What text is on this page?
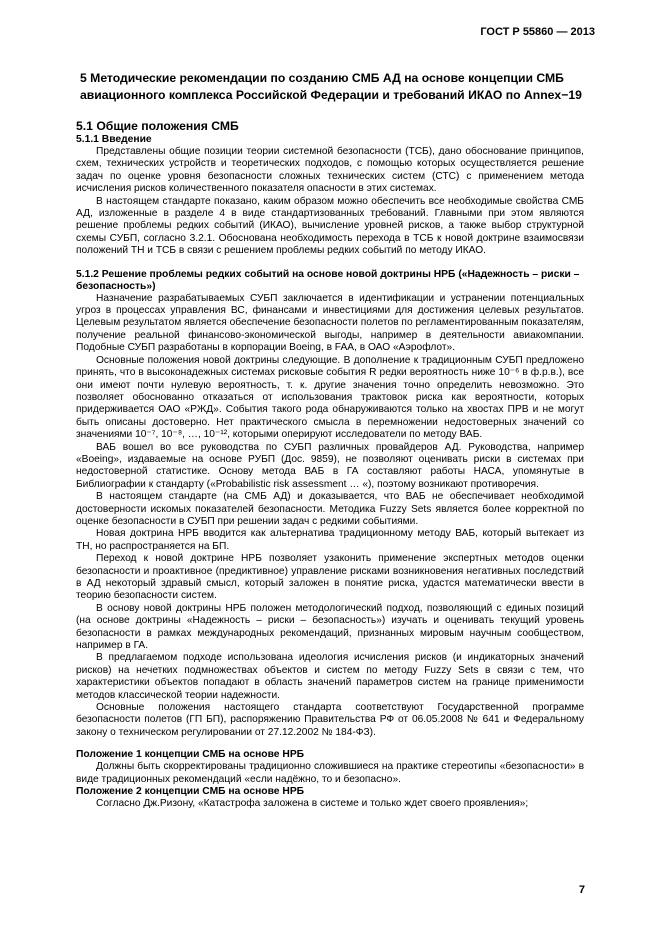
ГОСТ Р 55860 — 2013
5 Методические рекомендации по созданию СМБ АД на основе концепции СМБ авиационного комплекса Российской Федерации и требований ИКАО по Annex−19
5.1 Общие положения СМБ
5.1.1 Введение

Представлены общие позиции теории системной безопасности (ТСБ), дано обоснование принципов, схем, технических устройств и теоретических подходов, с помощью которых осуществляется решение задач по оценке уровня безопасности сложных технических систем (СТС) с применением метода исчисления рисков количественного показателя опасности в этих системах.

В настоящем стандарте показано, каким образом можно обеспечить все необходимые свойства СМБ АД, изложенные в разделе 4 в виде стандартизованных требований. Главными при этом являются решение проблемы редких событий (ИКАО), вычисление уровней рисков, а также выбор структурной схемы СУБП, согласно 3.2.1. Обоснована необходимость перехода в ТСБ к новой доктрине взаимосвязи положений ТН и ТСБ в связи с решением проблемы редких событий по методу ИКАО.

5.1.2 Решение проблемы редких событий на основе новой доктрины НРБ («Надежность – риски – безопасность»)

Назначение разрабатываемых СУБП заключается в идентификации и устранении потенциальных угроз в процессах управления ВС, финансами и инвестициями для достижения целевых результатов. Целевым результатом является обеспечение безопасности полетов по регламентированным показателям, получение реальной финансово-экономической выгоды, например в деятельности авиакомпании. Подобные СУБП разработаны в корпорации Boeing, в FAA, в ОАО «Аэрофлот».

Основные положения новой доктрины следующие. В дополнение к традиционным СУБП предложено принять, что в высоконадежных системах рисковые события R редки вероятность ниже 10⁻⁶ в ф.р.в.), все они имеют почти нулевую вероятность, т. к. другие значения точно определить невозможно. Это позволяет обоснованно отказаться от использования трактовок риска как вероятности, которых придерживается ОАО «РЖД». События такого рода обнаруживаются только на хвостах ПРВ и не могут быть описаны достоверно. Нет практического смысла в перемножении недостоверных значений со значениями 10⁻⁷, 10⁻⁸, …, 10⁻¹², которыми оперируют исследователи по методу ВАБ.

ВАБ вошел во все руководства по СУБП различных провайдеров АД. Руководства, например «Boeing», издаваемые на основе РУБП (Дос. 9859), не позволяют оценивать риски в системах при недостоверной статистике. Основу метода ВАБ в ГА составляют работы НАСА, упомянутые в Библиографии к стандарту («Probabilistic risk assessment … «), поэтому возникают противоречия.

В настоящем стандарте (на СМБ АД) и доказывается, что ВАБ не обеспечивает необходимой достоверности искомых показателей безопасности. Методика Fuzzy Sets является более корректной по оценке безопасности в СУБП при решении задач с редкими событиями.

Новая доктрина НРБ вводится как альтернатива традиционному методу ВАБ, который вытекает из ТН, но распространяется на БП.

Переход к новой доктрине НРБ позволяет узаконить применение экспертных методов оценки безопасности и проактивное (предиктивное) управление рисками возникновения негативных последствий в АД некоторый здравый смысл, который заложен в понятие риска, удастся математически ввести в теорию безопасности систем.

В основу новой доктрины НРБ положен методологический подход, позволяющий с единых позиций (на основе доктрины «Надежность – риски – безопасность») изучать и оценивать текущий уровень безопасности в рамках международных рекомендаций, признанных мировым научным сообществом, например в ГА.

В предлагаемом подходе использована идеология исчисления рисков (и индикаторных значений рисков) на нечетких подмножествах объектов и систем по методу Fuzzy Sets в связи с тем, что характеристики объектов попадают в область значений параметров систем на границе применимости методов классической теории надежности.

Основные положения настоящего стандарта соответствуют Государственной программе безопасности полетов (ГП БП), распоряжению Правительства РФ от 06.05.2008 № 641 и Федеральному закону о техническом регулировании от 27.12.2002 № 184-ФЗ).

Положение 1 концепции СМБ на основе НРБ

Должны быть скорректированы традиционно сложившиеся на практике стереотипы «безопасности» в виде традиционных рекомендаций «если надёжно, то и безопасно».

Положение 2 концепции СМБ на основе НРБ

Согласно Дж.Ризону, «Катастрофа заложена в системе и только ждет своего проявления»;

7
